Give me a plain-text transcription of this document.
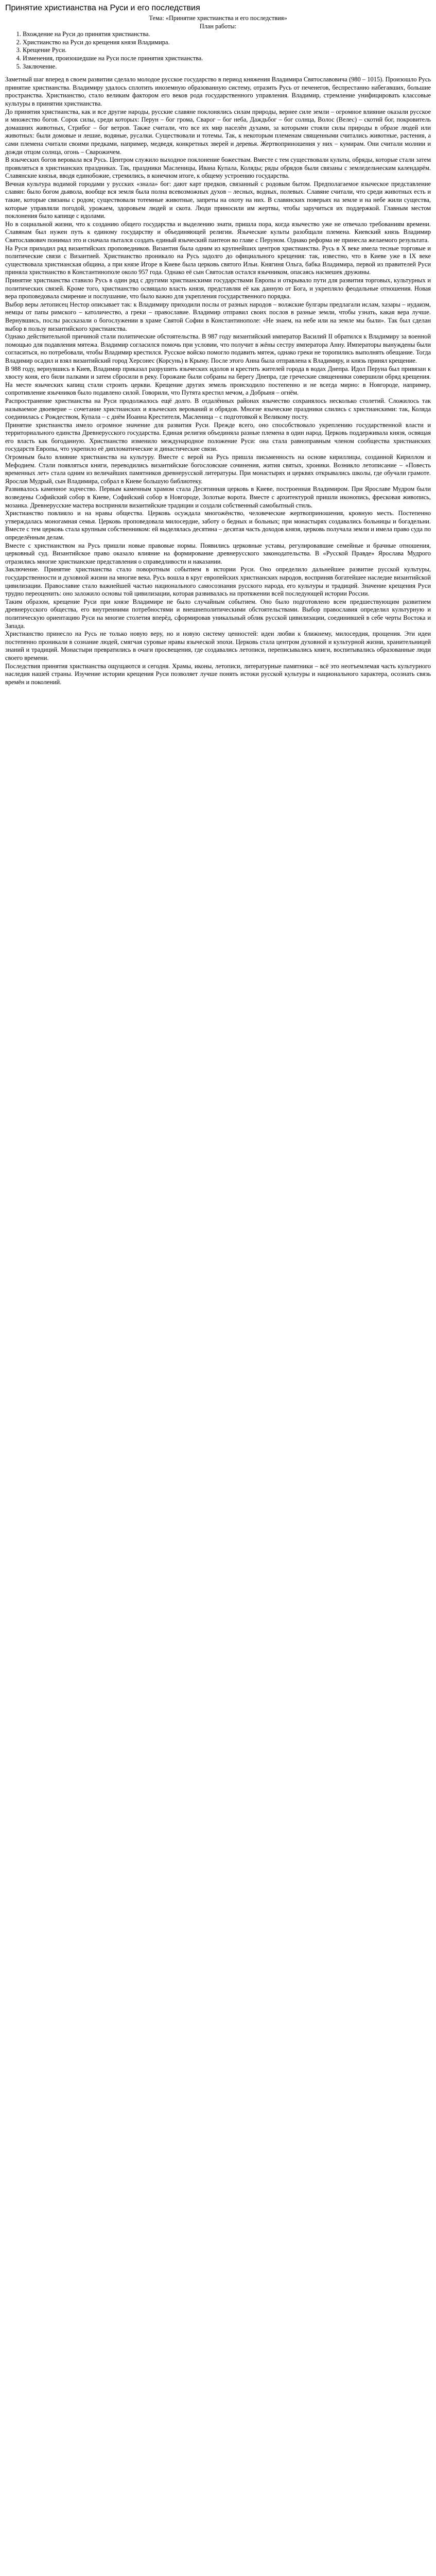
Принятие христианства на Руси и его последствия

Тема: «Принятие христианства и его последствия»

План работы:

1. Вхождение на Руси до принятия христианства.
2. Христианство на Руси до крещения князя Владимира.
3. Крещение Руси.
4. Изменения, произошедшие на Руси после принятия христианства.
5. Заключение.

Заметный шаг вперед в своем развитии сделало молодое русское государство в период княжения Владимира Святославовича (980 – 1015). Произошло Русь принятие христианства. Владимиру удалось сплотить иноземную образованную систему, отразить Русь от печенегов, беспрестанно набегавших, большие пространства. Христианство, стало великим фактором его веков рода государственного управления. Владимир, стремление унифицировать классовые культуры в принятии христианства.

До принятия христианства, как и все другие народы, русские славяне поклонялись силам природы, вернее силе земли – огромное влияние оказали русское и множество богов. Сорок силы, среди которых: Перун – бог грома, Сварог – бог неба, Даждьбог – бог солнца, Волос (Велес) – скотий бог, покровитель домашних животных, Стрибог – бог ветров. Также считали, что все их мир населён духами, за которыми стояли силы природы в образе людей или животных: были домовые и лешие, водяные, русалки. Существовали и тотемы. Так, к некоторым племенам священными считались животные, растения, а сами племена считали своими предками, например, медведя, конкретных зверей и деревья. Жертвоприношения у них – кумирам. Они считали молнии и дожди отцом солнца, огонь – Сварожичем.

В языческих богов веровала вся Русь. Центром служило выходное поклонение божествам. Вместе с тем существовали культы, обряды, которые стали затем проявляться в христианских праздниках. Так, праздники Масленицы, Ивана Купала, Коляды; ряды обрядов были связаны с земледельческим календарём. Славянские князья, вводя единобожие, стремились, в конечном итоге, к общему устроению государства.

Вечная культура водимой городами у русских «знала» бог: дают карт предков, связанный с родовым бытом. Предполагаемое языческое представление славян: было богом дьявола, вообще вся земля была полна всевозможных духов – лесных, водных, полевых. Славяне считали, что среди животных есть и такие, которые связаны с родом; существовали тотемные животные, запреты на охоту на них. В славянских поверьях на земле и на небе жили существа, которые управляли погодой, урожаем, здоровьем людей и скота. Люди приносили им жертвы, чтобы заручиться их поддержкой. Главным местом поклонения было капище с идолами.

Но в социальной жизни, что к созданию общего государства и выделению знати, пришла пора, когда язычество уже не отвечало требованиям времени. Славянам был нужен путь к единому государству и объединяющей религии. Языческие культы разобщали племена. Киевский князь Владимир Святославович понимал это и сначала пытался создать единый языческий пантеон во главе с Перуном. Однако реформа не принесла желаемого результата.

На Руси приходил ряд византийских проповедников. Византия была одним из крупнейших центров христианства. Русь в X веке имела тесные торговые и политические связи с Византией. Христианство проникало на Русь задолго до официального крещения: так, известно, что в Киеве уже в IX веке существовала христианская община, а при князе Игоре в Киеве была церковь святого Ильи. Княгиня Ольга, бабка Владимира, первой из правителей Руси приняла христианство в Константинополе около 957 года. Однако её сын Святослав остался язычником, опасаясь насмешек дружины.

Принятие христианства ставило Русь в один ряд с другими христианскими государствами Европы и открывало пути для развития торговых, культурных и политических связей. Кроме того, христианство освящало власть князя, представляя её как данную от Бога, и укрепляло феодальные отношения. Новая вера проповедовала смирение и послушание, что было важно для укрепления государственного порядка.

Выбор веры летописец Нестор описывает так: к Владимиру приходили послы от разных народов – волжские булгары предлагали ислам, хазары – иудаизм, немцы от папы римского – католичество, а греки – православие. Владимир отправил своих послов в разные земли, чтобы узнать, какая вера лучше. Вернувшись, послы рассказали о богослужении в храме Святой Софии в Константинополе: «Не знаем, на небе или на земле мы были». Так был сделан выбор в пользу византийского христианства.

Однако действительной причиной стали политические обстоятельства. В 987 году византийский император Василий II обратился к Владимиру за военной помощью для подавления мятежа. Владимир согласился помочь при условии, что получит в жёны сестру императора Анну. Императоры вынуждены были согласиться, но потребовали, чтобы Владимир крестился. Русское войско помогло подавить мятеж, однако греки не торопились выполнять обещание. Тогда Владимир осадил и взял византийский город Херсонес (Корсунь) в Крыму. После этого Анна была отправлена к Владимиру, и князь принял крещение.

В 988 году, вернувшись в Киев, Владимир приказал разрушить языческих идолов и крестить жителей города в водах Днепра. Идол Перуна был привязан к хвосту коня, его били палками и затем сбросили в реку. Горожане были собраны на берегу Днепра, где греческие священники совершили обряд крещения. На месте языческих капищ стали строить церкви. Крещение других земель происходило постепенно и не всегда мирно: в Новгороде, например, сопротивление язычников было подавлено силой. Говорили, что Путята крестил мечом, а Добрыня – огнём.

Распространение христианства на Руси продолжалось ещё долго. В отдалённых районах язычество сохранялось несколько столетий. Сложилось так называемое двоеверие – сочетание христианских и языческих верований и обрядов. Многие языческие праздники слились с христианскими: так, Коляда соединилась с Рождеством, Купала – с днём Иоанна Крестителя, Масленица – с подготовкой к Великому посту.

Принятие христианства имело огромное значение для развития Руси. Прежде всего, оно способствовало укреплению государственной власти и территориального единства Древнерусского государства. Единая религия объединяла разные племена в один народ. Церковь поддерживала князя, освящая его власть как богоданную. Христианство изменило международное положение Руси: она стала равноправным членом сообщества христианских государств Европы, что укрепило её дипломатические и династические связи.

Огромным было влияние христианства на культуру. Вместе с верой на Русь пришла письменность на основе кириллицы, созданной Кириллом и Мефодием. Стали появляться книги, переводились византийские богословские сочинения, жития святых, хроники. Возникло летописание – «Повесть временных лет» стала одним из величайших памятников древнерусской литературы. При монастырях и церквях открывались школы, где обучали грамоте. Ярослав Мудрый, сын Владимира, собрал в Киеве большую библиотеку.

Развивалось каменное зодчество. Первым каменным храмом стала Десятинная церковь в Киеве, построенная Владимиром. При Ярославе Мудром были возведены Софийский собор в Киеве, Софийский собор в Новгороде, Золотые ворота. Вместе с архитектурой пришли иконопись, фресковая живопись, мозаика. Древнерусские мастера восприняли византийские традиции и создали собственный самобытный стиль.

Христианство повлияло и на нравы общества. Церковь осуждала многожёнство, человеческие жертвоприношения, кровную месть. Постепенно утверждалась моногамная семья. Церковь проповедовала милосердие, заботу о бедных и больных; при монастырях создавались больницы и богадельни. Вместе с тем церковь стала крупным собственником: ей выделялась десятина – десятая часть доходов князя, церковь получала земли и имела право суда по определённым делам.

Вместе с христианством на Русь пришли новые правовые нормы. Появились церковные уставы, регулировавшие семейные и брачные отношения, церковный суд. Византийское право оказало влияние на формирование древнерусского законодательства. В «Русской Правде» Ярослава Мудрого отразились многие христианские представления о справедливости и наказании.

Заключение. Принятие христианства стало поворотным событием в истории Руси. Оно определило дальнейшее развитие русской культуры, государственности и духовной жизни на многие века. Русь вошла в круг европейских христианских народов, восприняв богатейшее наследие византийской цивилизации. Православие стало важнейшей частью национального самосознания русского народа, его культуры и традиций. Значение крещения Руси трудно переоценить: оно заложило основы той цивилизации, которая развивалась на протяжении всей последующей истории России.

Таким образом, крещение Руси при князе Владимире не было случайным событием. Оно было подготовлено всем предшествующим развитием древнерусского общества, его внутренними потребностями и внешнеполитическими обстоятельствами. Выбор православия определил культурную и политическую ориентацию Руси на многие столетия вперёд, сформировав уникальный облик русской цивилизации, соединившей в себе черты Востока и Запада.

Христианство принесло на Русь не только новую веру, но и новую систему ценностей: идеи любви к ближнему, милосердия, прощения. Эти идеи постепенно проникали в сознание людей, смягчая суровые нравы языческой эпохи. Церковь стала центром духовной и культурной жизни, хранительницей знаний и традиций. Монастыри превратились в очаги просвещения, где создавались летописи, переписывались книги, воспитывались образованные люди своего времени.

Последствия принятия христианства ощущаются и сегодня. Храмы, иконы, летописи, литературные памятники – всё это неотъемлемая часть культурного наследия нашей страны. Изучение истории крещения Руси позволяет лучше понять истоки русской культуры и национального характера, осознать связь времён и поколений.
